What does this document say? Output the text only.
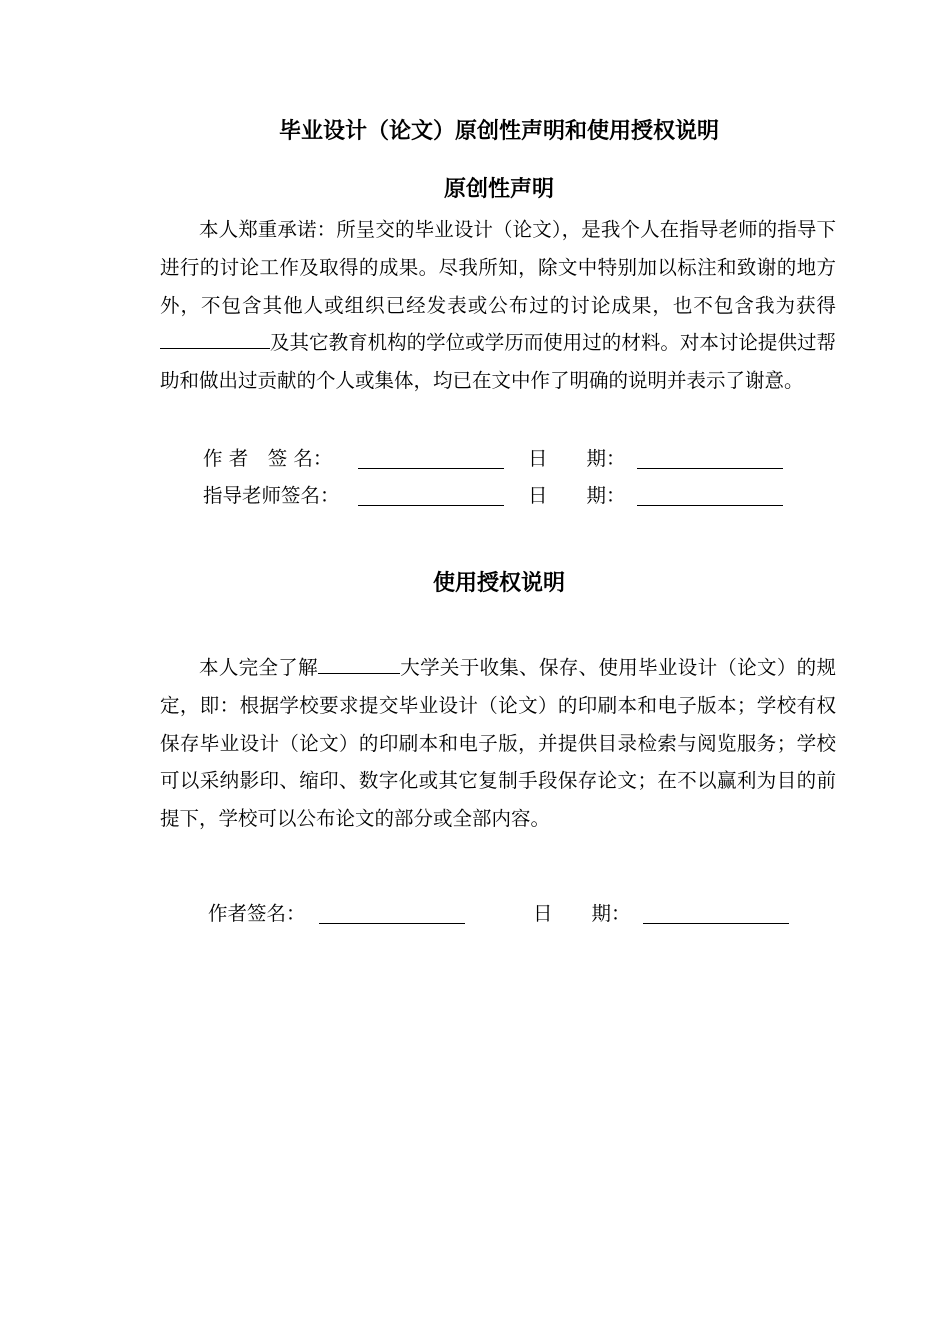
毕业设计（论文）原创性声明和使用授权说明
原创性声明

本人郑重承诺：所呈交的毕业设计（论文），是我个人在指导老师的指导下进行的讨论工作及取得的成果。尽我所知，除文中特别加以标注和致谢的地方外，不包含其他人或组织已经发表或公布过的讨论成果，也不包含我为获得及其它教育机构的学位或学历而使用过的材料。对本讨论提供过帮助和做出过贡献的个人或集体，均已在文中作了明确的说明并表示了谢意。

作 者　签 名：	日　　期：
指导老师签名：	日　　期：
使用授权说明

本人完全了解	大学关于收集、保存、使用毕业设计（论文）的规定，即：根据学校要求提交毕业设计（论文）的印刷本和电子版本；学校有权保存毕业设计（论文）的印刷本和电子版，并提供目录检索与阅览服务；学校可以采纳影印、缩印、数字化或其它复制手段保存论文；在不以赢利为目的前提下，学校可以公布论文的部分或全部内容。

作者签名：	日　　期：
